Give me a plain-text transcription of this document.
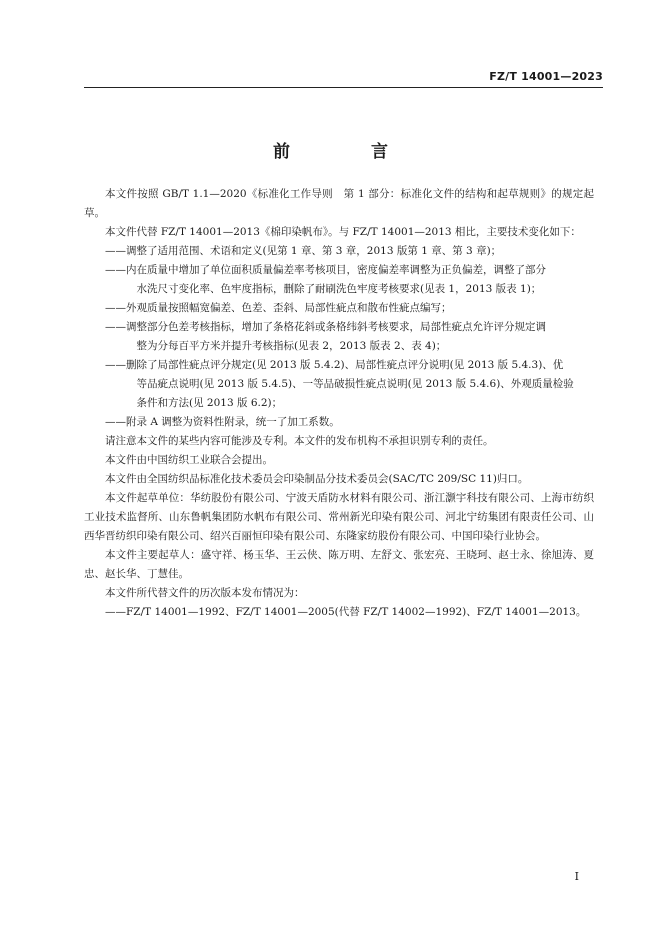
FZ/T 14001—2023
前　言

本文件按照 GB/T 1.1—2020《标准化工作导则　第 1 部分：标准化文件的结构和起草规则》的规定起草。

本文件代替 FZ/T 14001—2013《棉印染帆布》。与 FZ/T 14001—2013 相比，主要技术变化如下：

——调整了适用范围、术语和定义(见第 1 章、第 3 章，2013 版第 1 章、第 3 章)；

——内在质量中增加了单位面积质量偏差率考核项目，密度偏差率调整为正负偏差，调整了部分
水洗尺寸变化率、色牢度指标，删除了耐刷洗色牢度考核要求(见表 1，2013 版表 1)；

——外观质量按照幅宽偏差、色差、歪斜、局部性疵点和散布性疵点编写；

——调整部分色差考核指标，增加了条格花斜或条格纬斜考核要求，局部性疵点允许评分规定调
整为分每百平方米并提升考核指标(见表 2，2013 版表 2、表 4)；

——删除了局部性疵点评分规定(见 2013 版 5.4.2)、局部性疵点评分说明(见 2013 版 5.4.3)、优
等品疵点说明(见 2013 版 5.4.5)、一等品破损性疵点说明(见 2013 版 5.4.6)、外观质量检验
条件和方法(见 2013 版 6.2)；

——附录 A 调整为资料性附录，统一了加工系数。

请注意本文件的某些内容可能涉及专利。本文件的发布机构不承担识别专利的责任。

本文件由中国纺织工业联合会提出。

本文件由全国纺织品标准化技术委员会印染制品分技术委员会(SAC/TC 209/SC 11)归口。

本文件起草单位：华纺股份有限公司、宁波天盾防水材料有限公司、浙江灏宇科技有限公司、上海市纺织工业技术监督所、山东鲁帆集团防水帆布有限公司、常州新光印染有限公司、河北宁纺集团有限责任公司、山西华晋纺织印染有限公司、绍兴百丽恒印染有限公司、东隆家纺股份有限公司、中国印染行业协会。

本文件主要起草人：盛守祥、杨玉华、王云侠、陈万明、左舒文、张宏亮、王晓珂、赵士永、徐旭涛、夏忠、赵长华、丁慧佳。

本文件所代替文件的历次版本发布情况为：

——FZ/T 14001—1992、FZ/T 14001—2005(代替 FZ/T 14002—1992)、FZ/T 14001—2013。

I
